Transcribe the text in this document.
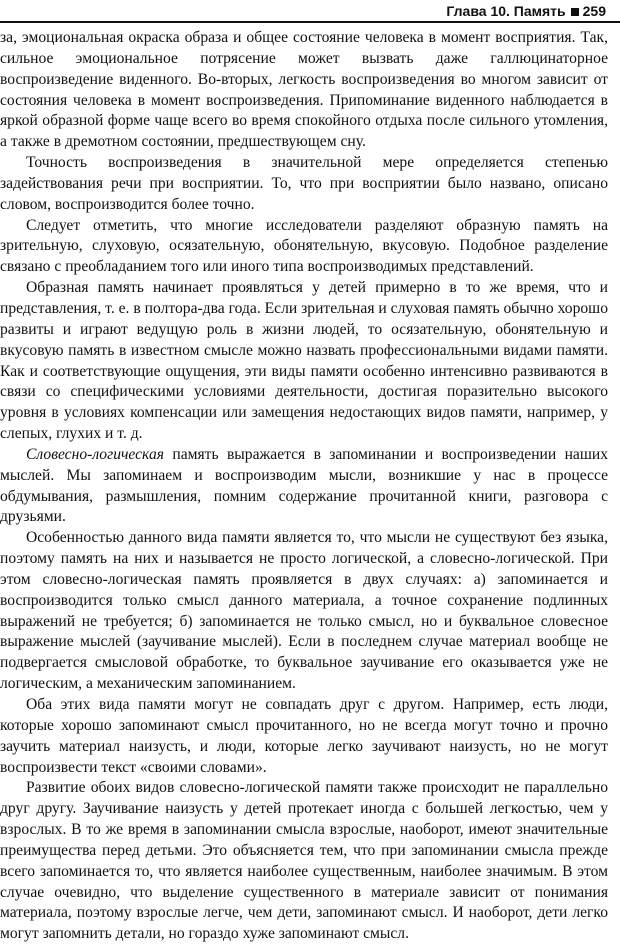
Глава 10. Память 259

за, эмоциональная окраска образа и общее состояние человека в момент восприятия. Так, сильное эмоциональное потрясение может вызвать даже галлюцинаторное воспроизведение виденного. Во-вторых, легкость воспроизведения во многом зависит от состояния человека в момент воспроизведения. Припоминание виденного наблюдается в яркой образной форме чаще всего во время спокойного отдыха после сильного утомления, а также в дремотном состоянии, предшествующем сну.

Точность воспроизведения в значительной мере определяется степенью задействования речи при восприятии. То, что при восприятии было названо, описано словом, воспроизводится более точно.

Следует отметить, что многие исследователи разделяют образную память на зрительную, слуховую, осязательную, обонятельную, вкусовую. Подобное разделение связано с преобладанием того или иного типа воспроизводимых представлений.

Образная память начинает проявляться у детей примерно в то же время, что и представления, т. е. в полтора-два года. Если зрительная и слуховая память обычно хорошо развиты и играют ведущую роль в жизни людей, то осязательную, обонятельную и вкусовую память в известном смысле можно назвать профессиональными видами памяти. Как и соответствующие ощущения, эти виды памяти особенно интенсивно развиваются в связи со специфическими условиями деятельности, достигая поразительно высокого уровня в условиях компенсации или замещения недостающих видов памяти, например, у слепых, глухих и т. д.

Словесно-логическая память выражается в запоминании и воспроизведении наших мыслей. Мы запоминаем и воспроизводим мысли, возникшие у нас в процессе обдумывания, размышления, помним содержание прочитанной книги, разговора с друзьями.

Особенностью данного вида памяти является то, что мысли не существуют без языка, поэтому память на них и называется не просто логической, а словесно-логической. При этом словесно-логическая память проявляется в двух случаях: а) запоминается и воспроизводится только смысл данного материала, а точное сохранение подлинных выражений не требуется; б) запоминается не только смысл, но и буквальное словесное выражение мыслей (заучивание мыслей). Если в последнем случае материал вообще не подвергается смысловой обработке, то буквальное заучивание его оказывается уже не логическим, а механическим запоминанием.

Оба этих вида памяти могут не совпадать друг с другом. Например, есть люди, которые хорошо запоминают смысл прочитанного, но не всегда могут точно и прочно заучить материал наизусть, и люди, которые легко заучивают наизусть, но не могут воспроизвести текст «своими словами».

Развитие обоих видов словесно-логической памяти также происходит не параллельно друг другу. Заучивание наизусть у детей протекает иногда с большей легкостью, чем у взрослых. В то же время в запоминании смысла взрослые, наоборот, имеют значительные преимущества перед детьми. Это объясняется тем, что при запоминании смысла прежде всего запоминается то, что является наиболее существенным, наиболее значимым. В этом случае очевидно, что выделение существенного в материале зависит от понимания материала, поэтому взрослые легче, чем дети, запоминают смысл. И наоборот, дети легко могут запомнить детали, но гораздо хуже запоминают смысл.
